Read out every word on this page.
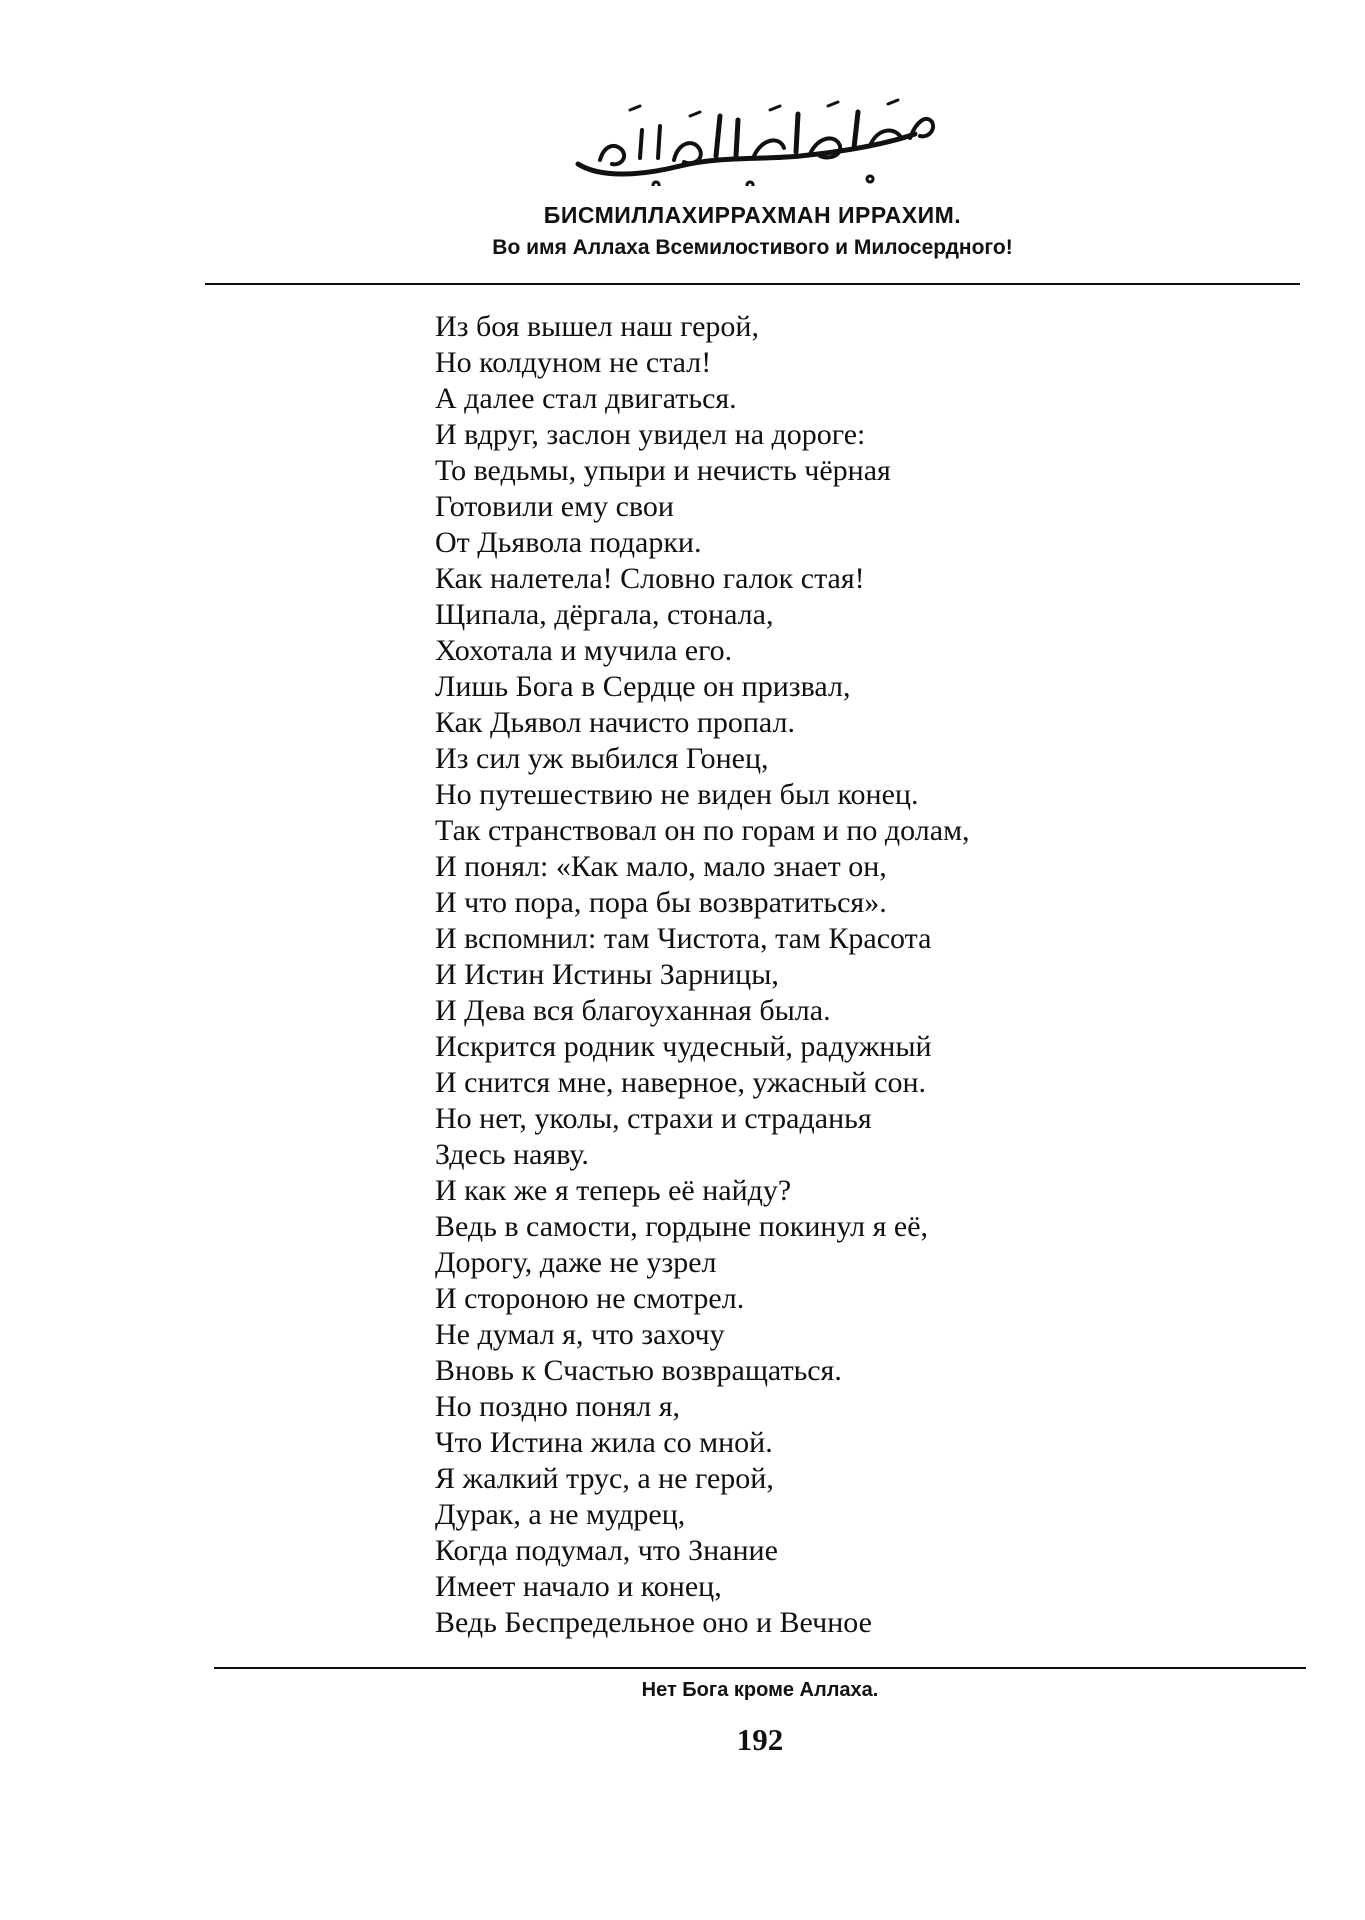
БИСМИЛЛАХИРРАХМАН ИРРАХИМ.
Во имя Аллаха Всемилостивого и Милосердного!
Из боя вышел наш герой,
Но колдуном не стал!
А далее стал двигаться.
И вдруг, заслон увидел на дороге:
То ведьмы, упыри и нечисть чёрная
Готовили ему свои
От Дьявола подарки.
Как налетела! Словно галок стая!
Щипала, дёргала, стонала,
Хохотала и мучила его.
Лишь Бога в Сердце он призвал,
Как Дьявол начисто пропал.
Из сил уж выбился Гонец,
Но путешествию не виден был конец.
Так странствовал он по горам и по долам,
И понял: «Как мало, мало знает он,
И что пора, пора бы возвратиться».
И вспомнил: там Чистота, там Красота
И Истин Истины Зарницы,
И Дева вся благоуханная была.
Искрится родник чудесный, радужный
И снится мне, наверное, ужасный сон.
Но нет, уколы, страхи и страданья
Здесь наяву.
И как же я теперь её найду?
Ведь в самости, гордыне покинул я её,
Дорогу, даже не узрел
И стороною не смотрел.
Не думал я, что захочу
Вновь к Счастью возвращаться.
Но поздно понял я,
Что Истина жила со мной.
Я жалкий трус, а не герой,
Дурак, а не мудрец,
Когда подумал, что Знание
Имеет начало и конец,
Ведь Беспредельное оно и Вечное
Нет Бога кроме Аллаха.
192
